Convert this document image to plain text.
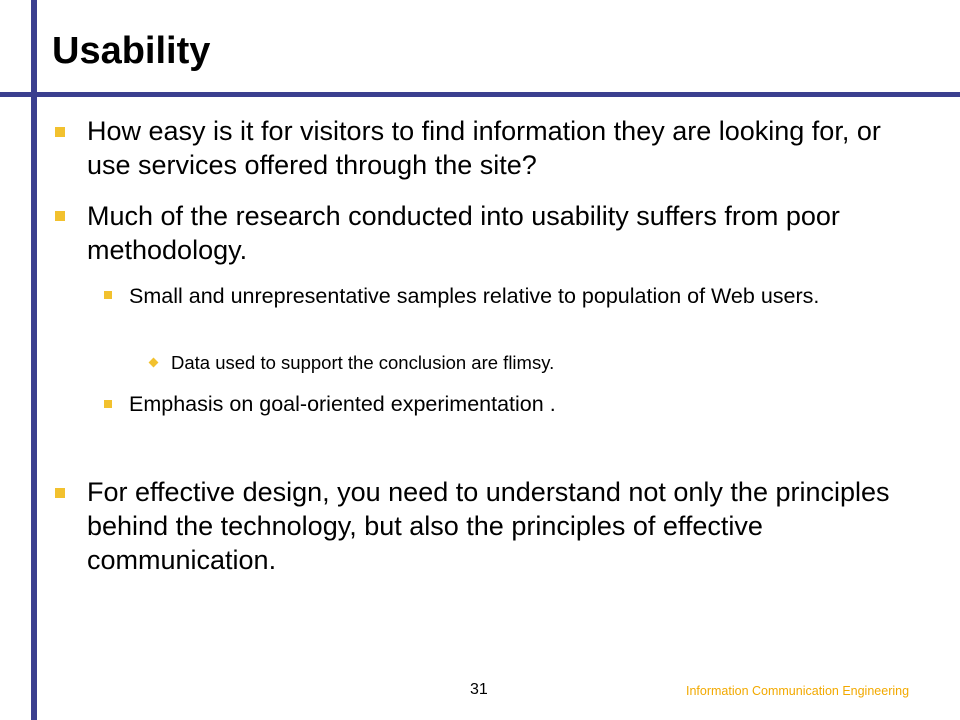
Usability
How easy is it for visitors to find information they are looking for, or use services offered through the site?
Much of the research conducted into usability suffers from poor methodology.
Small and unrepresentative samples relative to population of Web users.
Data used to support the conclusion are flimsy.
Emphasis on goal-oriented experimentation .
For effective design, you need to understand not only the principles behind the technology, but also the principles of effective communication.
31	Information Communication Engineering
